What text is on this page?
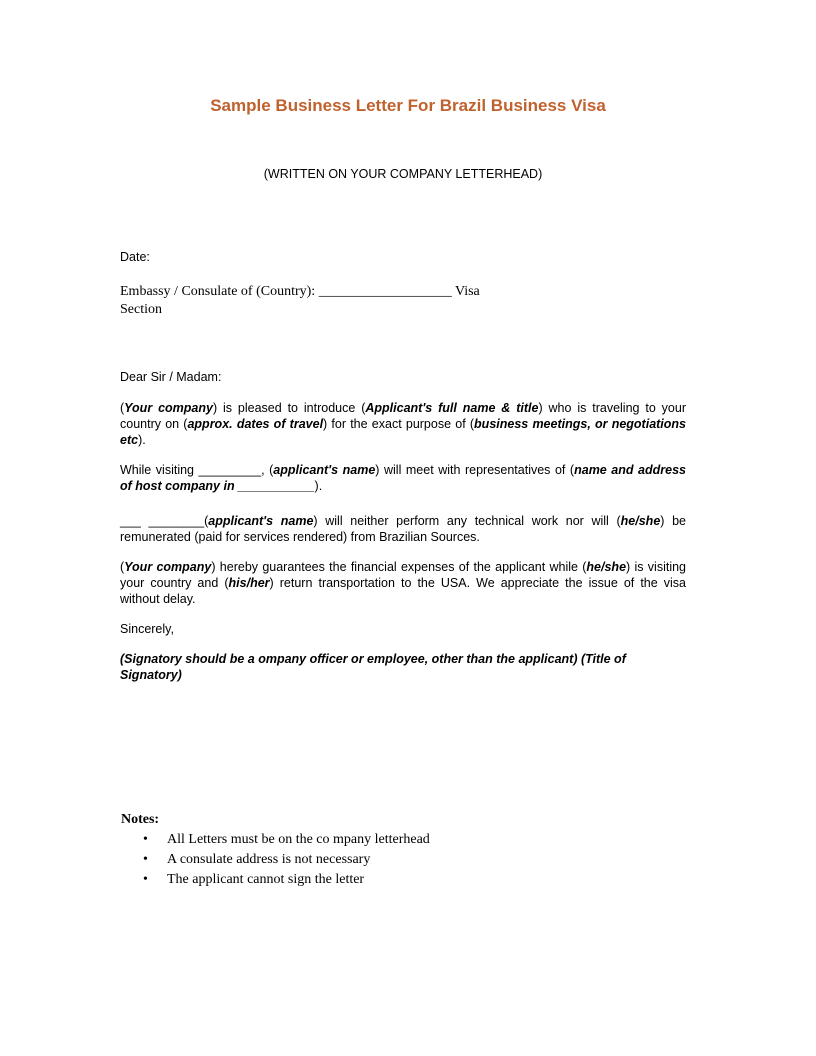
Sample Business Letter For Brazil Business Visa
(WRITTEN ON YOUR COMPANY LETTERHEAD)
Date:
Embassy / Consulate of (Country): ___________________ Visa Section
Dear Sir / Madam:
(Your company) is pleased to introduce (Applicant's full name & title) who is traveling to your country on (approx. dates of travel) for the exact purpose of (business meetings, or negotiations etc).
While visiting _________, (applicant's name) will meet with representatives of (name and address of host company in ___________).
___ ________(applicant's name) will neither perform any technical work nor will (he/she) be remunerated (paid for services rendered) from Brazilian Sources.
(Your company) hereby guarantees the financial expenses of the applicant while (he/she) is visiting your country and (his/her) return transportation to the USA. We appreciate the issue of the visa without delay.
Sincerely,
(Signatory should be a ompany officer or employee, other than the applicant) (Title of Signatory)
Notes:
• All Letters must be on the co mpany letterhead
• A consulate address is not necessary
• The applicant cannot sign the letter
